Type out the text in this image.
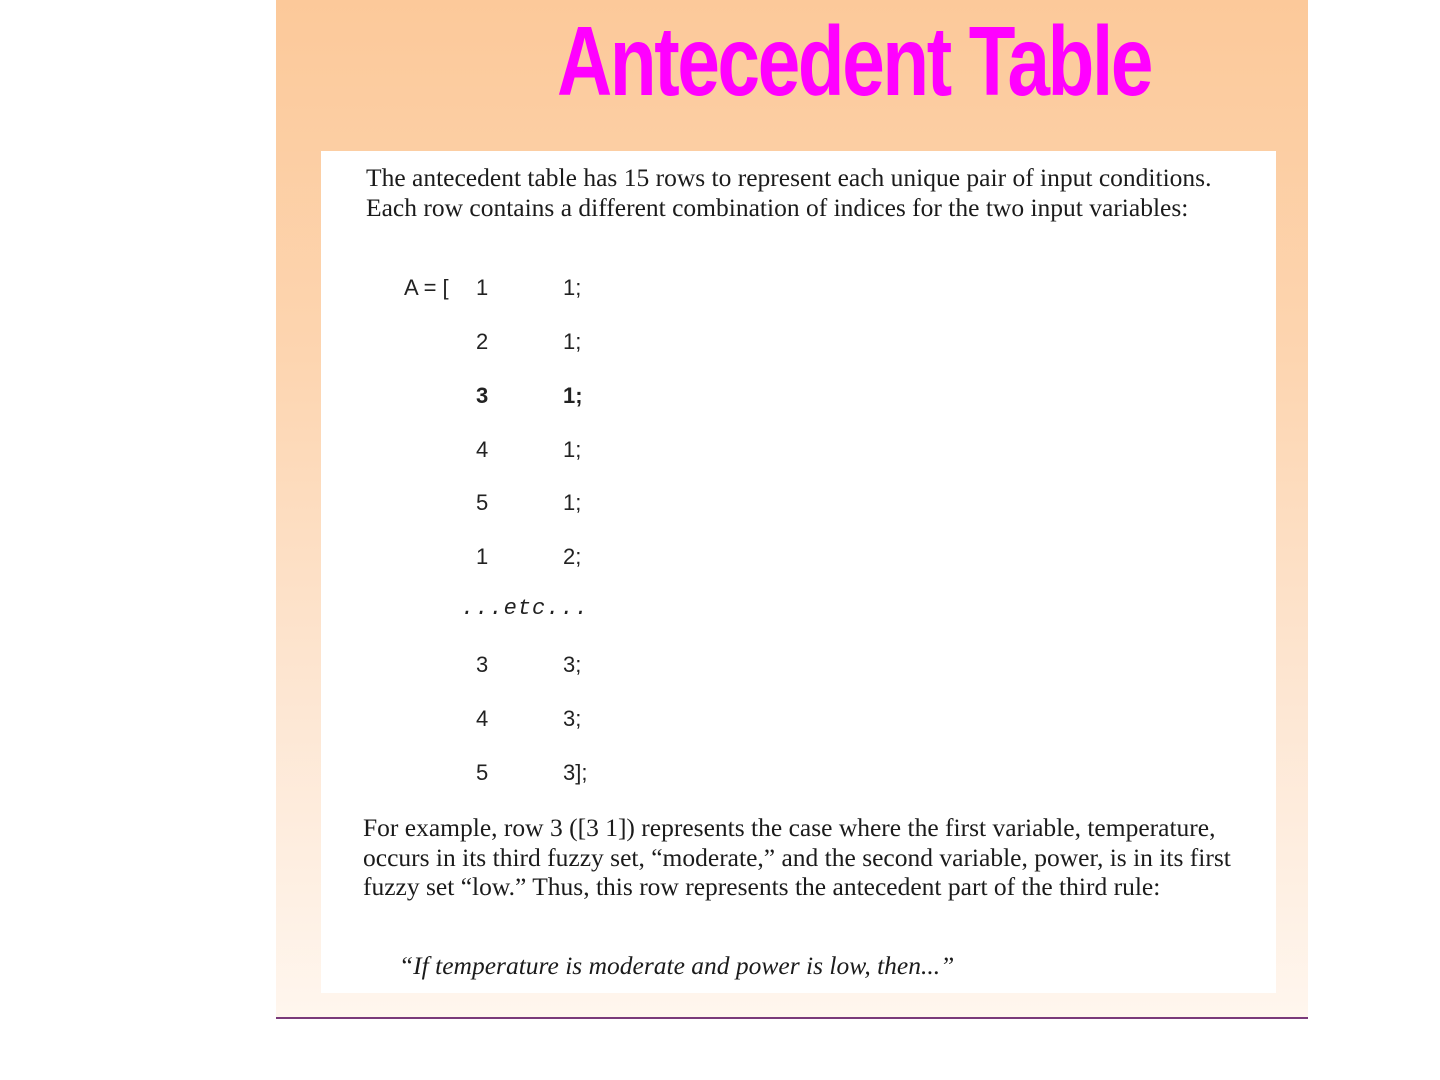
Antecedent Table
The antecedent table has 15 rows to represent each unique pair of input conditions. Each row contains a different combination of indices for the two input variables:
A = [ 1	1;
2	1;
3	1;
4	1;
5	1;
1	2;
...etc...
3	3;
4	3;
5	3];
For example, row 3 ([3 1]) represents the case where the first variable, temperature, occurs in its third fuzzy set, “moderate,” and the second variable, power, is in its first fuzzy set “low.” Thus, this row represents the antecedent part of the third rule:
“If temperature is moderate and power is low, then...”
